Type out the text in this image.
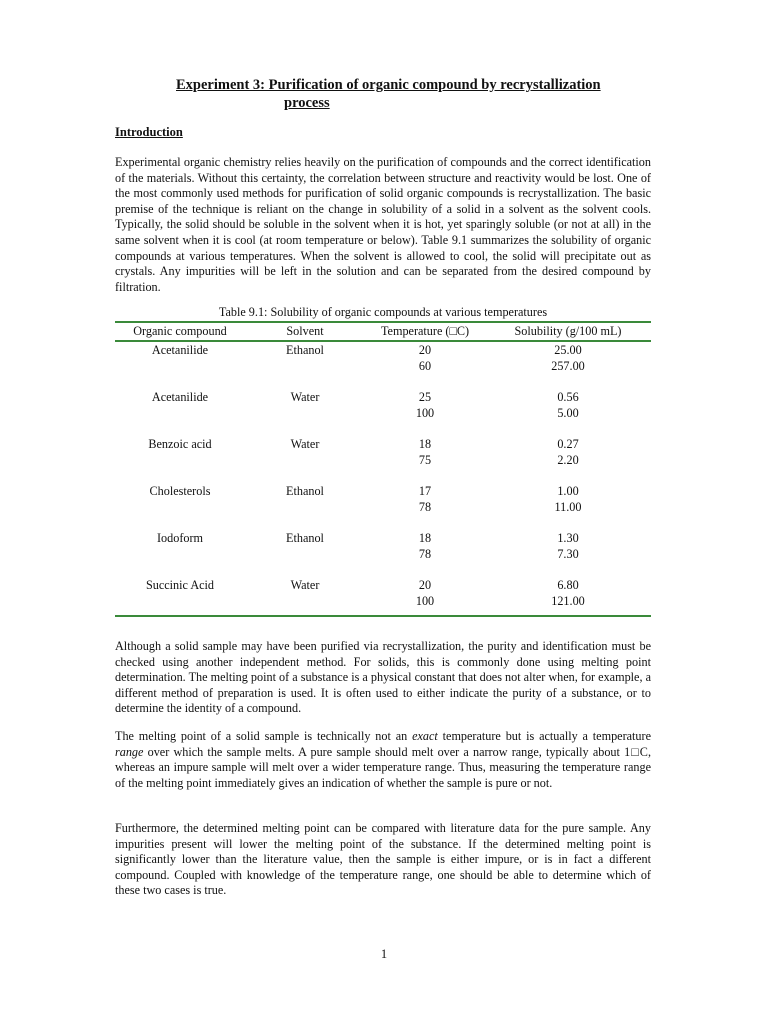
Experiment 3: Purification of organic compound by recrystallization
process
Introduction

Experimental organic chemistry relies heavily on the purification of compounds and the correct identification of the materials. Without this certainty, the correlation between structure and reactivity would be lost. One of the most commonly used methods for purification of solid organic compounds is recrystallization. The basic premise of the technique is reliant on the change in solubility of a solid in a solvent as the solvent cools. Typically, the solid should be soluble in the solvent when it is hot, yet sparingly soluble (or not at all) in the same solvent when it is cool (at room temperature or below). Table 9.1 summarizes the solubility of organic compounds at various temperatures. When the solvent is allowed to cool, the solid will precipitate out as crystals. Any impurities will be left in the solution and can be separated from the desired compound by filtration.

Table 9.1: Solubility of organic compounds at various temperatures
Organic compound	Solvent	Temperature (□C)	Solubility (g/100 mL)
Acetanilide	Ethanol	20	25.00
		60	257.00

Acetanilide	Water	25	0.56
		100	5.00

Benzoic acid	Water	18	0.27
		75	2.20

Cholesterols	Ethanol	17	1.00
		78	11.00

Iodoform	Ethanol	18	1.30
		78	7.30

Succinic Acid	Water	20	6.80
		100	121.00

Although a solid sample may have been purified via recrystallization, the purity and identification must be checked using another independent method. For solids, this is commonly done using melting point determination. The melting point of a substance is a physical constant that does not alter when, for example, a different method of preparation is used. It is often used to either indicate the purity of a substance, or to determine the identity of a compound.

The melting point of a solid sample is technically not an exact temperature but is actually a temperature range over which the sample melts. A pure sample should melt over a narrow range, typically about 1□C, whereas an impure sample will melt over a wider temperature range. Thus, measuring the temperature range of the melting point immediately gives an indication of whether the sample is pure or not.

Furthermore, the determined melting point can be compared with literature data for the pure sample. Any impurities present will lower the melting point of the substance. If the determined melting point is significantly lower than the literature value, then the sample is either impure, or is in fact a different compound. Coupled with knowledge of the temperature range, one should be able to determine which of these two cases is true.

1
